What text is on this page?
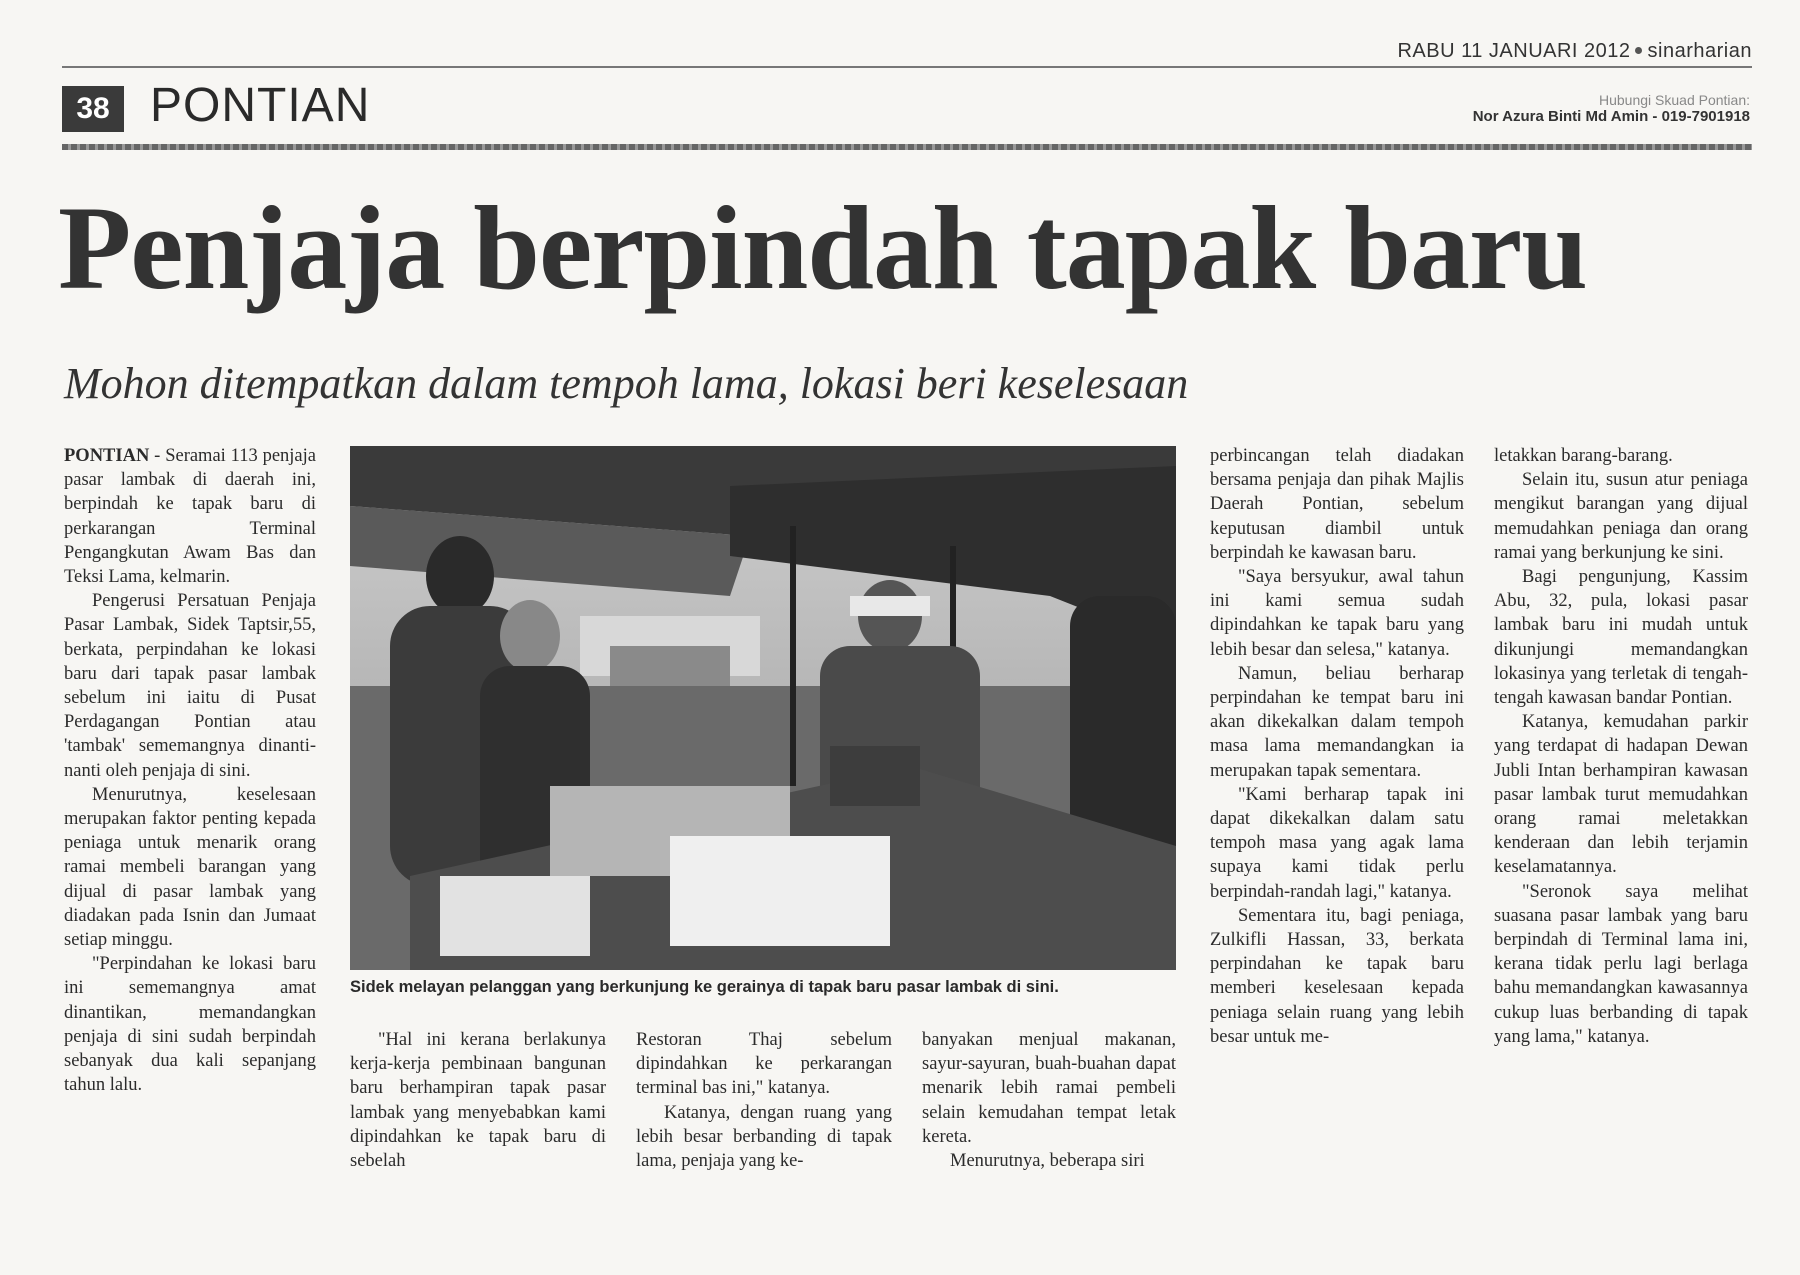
RABU 11 JANUARI 2012 sinarharian
38 PONTIAN	Hubungi Skuad Pontian:
Nor Azura Binti Md Amin - 019-7901918
Penjaja berpindah tapak baru
Mohon ditempatkan dalam tempoh lama, lokasi beri keselesaan

PONTIAN - Seramai 113 penjaja pasar lambak di daerah ini, berpindah ke tapak baru di perkarangan Terminal Pengangkutan Awam Bas dan Teksi Lama, kelmarin.

Pengerusi Persatuan Penjaja Pasar Lambak, Sidek Taptsir,55, berkata, perpindahan ke lokasi baru dari tapak pasar lambak sebelum ini iaitu di Pusat Perdagangan Pontian atau 'tambak' sememangnya dinanti-nanti oleh penjaja di sini.

Menurutnya, keselesaan merupakan faktor penting kepada peniaga untuk menarik orang ramai membeli barangan yang dijual di pasar lambak yang diadakan pada Isnin dan Jumaat setiap minggu.

"Perpindahan ke lokasi baru ini sememangnya amat dinantikan, memandangkan penjaja di sini sudah berpindah sebanyak dua kali sepanjang tahun lalu.

Sidek melayan pelanggan yang berkunjung ke gerainya di tapak baru pasar lambak di sini.

"Hal ini kerana berlakunya kerja-kerja pembinaan bangunan baru berhampiran tapak pasar lambak yang menyebabkan kami dipindahkan ke tapak baru di sebelah

Restoran Thaj sebelum dipindahkan ke perkarangan terminal bas ini," katanya.

Katanya, dengan ruang yang lebih besar berbanding di tapak lama, penjaja yang ke-

banyakan menjual makanan, sayur-sayuran, buah-buahan dapat menarik lebih ramai pembeli selain kemudahan tempat letak kereta.

Menurutnya, beberapa siri

perbincangan telah diadakan bersama penjaja dan pihak Majlis Daerah Pontian, sebelum keputusan diambil untuk berpindah ke kawasan baru.

"Saya bersyukur, awal tahun ini kami semua sudah dipindahkan ke tapak baru yang lebih besar dan selesa," katanya.

Namun, beliau berharap perpindahan ke tempat baru ini akan dikekalkan dalam tempoh masa lama memandangkan ia merupakan tapak sementara.

"Kami berharap tapak ini dapat dikekalkan dalam satu tempoh masa yang agak lama supaya kami tidak perlu berpindah-randah lagi," katanya.

Sementara itu, bagi peniaga, Zulkifli Hassan, 33, berkata perpindahan ke tapak baru memberi keselesaan kepada peniaga selain ruang yang lebih besar untuk me-

letakkan barang-barang.

Selain itu, susun atur peniaga mengikut barangan yang dijual memudahkan peniaga dan orang ramai yang berkunjung ke sini.

Bagi pengunjung, Kassim Abu, 32, pula, lokasi pasar lambak baru ini mudah untuk dikunjungi memandangkan lokasinya yang terletak di tengah-tengah kawasan bandar Pontian.

Katanya, kemudahan parkir yang terdapat di hadapan Dewan Jubli Intan berhampiran kawasan pasar lambak turut memudahkan orang ramai meletakkan kenderaan dan lebih terjamin keselamatannya.

"Seronok saya melihat suasana pasar lambak yang baru berpindah di Terminal lama ini, kerana tidak perlu lagi berlaga bahu memandangkan kawasannya cukup luas berbanding di tapak yang lama," katanya.
